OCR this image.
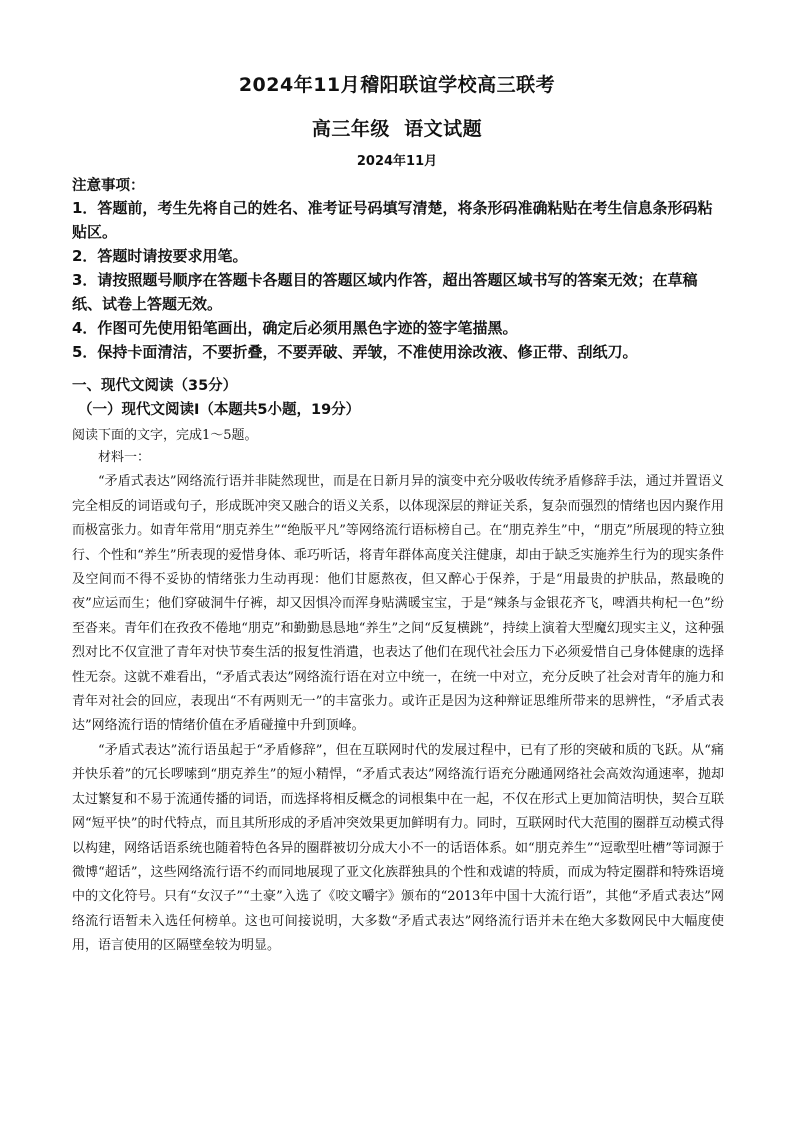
2024年11月稽阳联谊学校高三联考
高三年级  语文试题
2024年11月
注意事项：
1．答题前，考生先将自己的姓名、准考证号码填写清楚，将条形码准确粘贴在考生信息条形码粘贴区。
2．答题时请按要求用笔。
3．请按照题号顺序在答题卡各题目的答题区域内作答，超出答题区域书写的答案无效；在草稿纸、试卷上答题无效。
4．作图可先使用铅笔画出，确定后必须用黑色字迹的签字笔描黑。
5．保持卡面清洁，不要折叠，不要弄破、弄皱，不准使用涂改液、修正带、刮纸刀。
一、现代文阅读（35分）
（一）现代文阅读Ⅰ（本题共5小题，19分）
阅读下面的文字，完成1～5题。

材料一：

“矛盾式表达”网络流行语并非陡然现世，而是在日新月异的演变中充分吸收传统矛盾修辞手法，通过并置语义完全相反的词语或句子，形成既冲突又融合的语义关系，以体现深层的辩证关系，复杂而强烈的情绪也因内聚作用而极富张力。如青年常用“朋克养生”“绝版平凡”等网络流行语标榜自己。在“朋克养生”中，“朋克”所展现的特立独行、个性和“养生”所表现的爱惜身体、乖巧听话，将青年群体高度关注健康，却由于缺乏实施养生行为的现实条件及空间而不得不妥协的情绪张力生动再现：他们甘愿熬夜，但又醉心于保养，于是“用最贵的护肤品，熬最晚的夜”应运而生；他们穿破洞牛仔裤，却又因惧冷而浑身贴满暖宝宝，于是“辣条与金银花齐飞，啤酒共枸杞一色”纷至沓来。青年们在孜孜不倦地“朋克”和勤勤恳恳地“养生”之间“反复横跳”，持续上演着大型魔幻现实主义，这种强烈对比不仅宣泄了青年对快节奏生活的报复性消遣，也表达了他们在现代社会压力下必须爱惜自己身体健康的选择性无奈。这就不难看出，“矛盾式表达”网络流行语在对立中统一，在统一中对立，充分反映了社会对青年的施力和青年对社会的回应，表现出“不有两则无一”的丰富张力。或许正是因为这种辩证思维所带来的思辨性，“矛盾式表达”网络流行语的情绪价值在矛盾碰撞中升到顶峰。

“矛盾式表达”流行语虽起于“矛盾修辞”，但在互联网时代的发展过程中，已有了形的突破和质的飞跃。从“痛并快乐着”的冗长啰嗦到“朋克养生”的短小精悍，“矛盾式表达”网络流行语充分融通网络社会高效沟通速率，抛却太过繁复和不易于流通传播的词语，而选择将相反概念的词根集中在一起，不仅在形式上更加简洁明快，契合互联网“短平快”的时代特点，而且其所形成的矛盾冲突效果更加鲜明有力。同时，互联网时代大范围的圈群互动模式得以构建，网络话语系统也随着特色各异的圈群被切分成大小不一的话语体系。如“朋克养生”“逗歌型吐槽”等词源于微博“超话”，这些网络流行语不约而同地展现了亚文化族群独具的个性和戏谑的特质，而成为特定圈群和特殊语境中的文化符号。只有“女汉子”“土豪”入选了《咬文嚼字》颁布的“2013年中国十大流行语”，其他“矛盾式表达”网络流行语暂未入选任何榜单。这也可间接说明，大多数“矛盾式表达”网络流行语并未在绝大多数网民中大幅度使用，语言使用的区隔壁垒较为明显。
